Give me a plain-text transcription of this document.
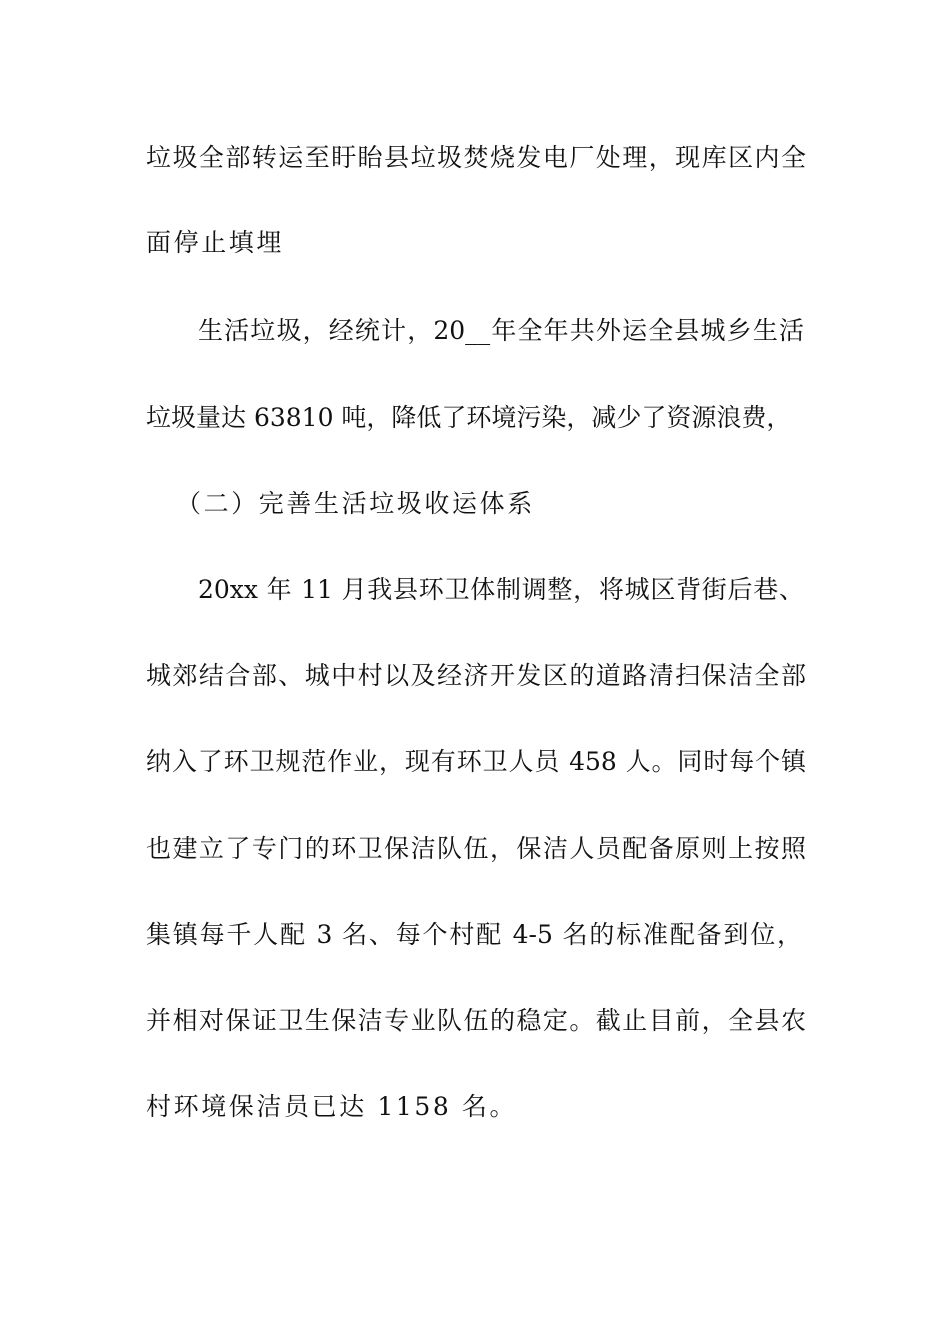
垃圾全部转运至盱眙县垃圾焚烧发电厂处理，现库区内全
面停止填埋
生活垃圾，经统计，20__年全年共外运全县城乡生活
垃圾量达 63810 吨，降低了环境污染，减少了资源浪费，
（二）完善生活垃圾收运体系
20xx 年 11 月我县环卫体制调整，将城区背街后巷、
城郊结合部、城中村以及经济开发区的道路清扫保洁全部
纳入了环卫规范作业，现有环卫人员 458 人。同时每个镇
也建立了专门的环卫保洁队伍，保洁人员配备原则上按照
集镇每千人配 3 名、每个村配 4-5 名的标准配备到位，
并相对保证卫生保洁专业队伍的稳定。截止目前，全县农
村环境保洁员已达 1158 名。
